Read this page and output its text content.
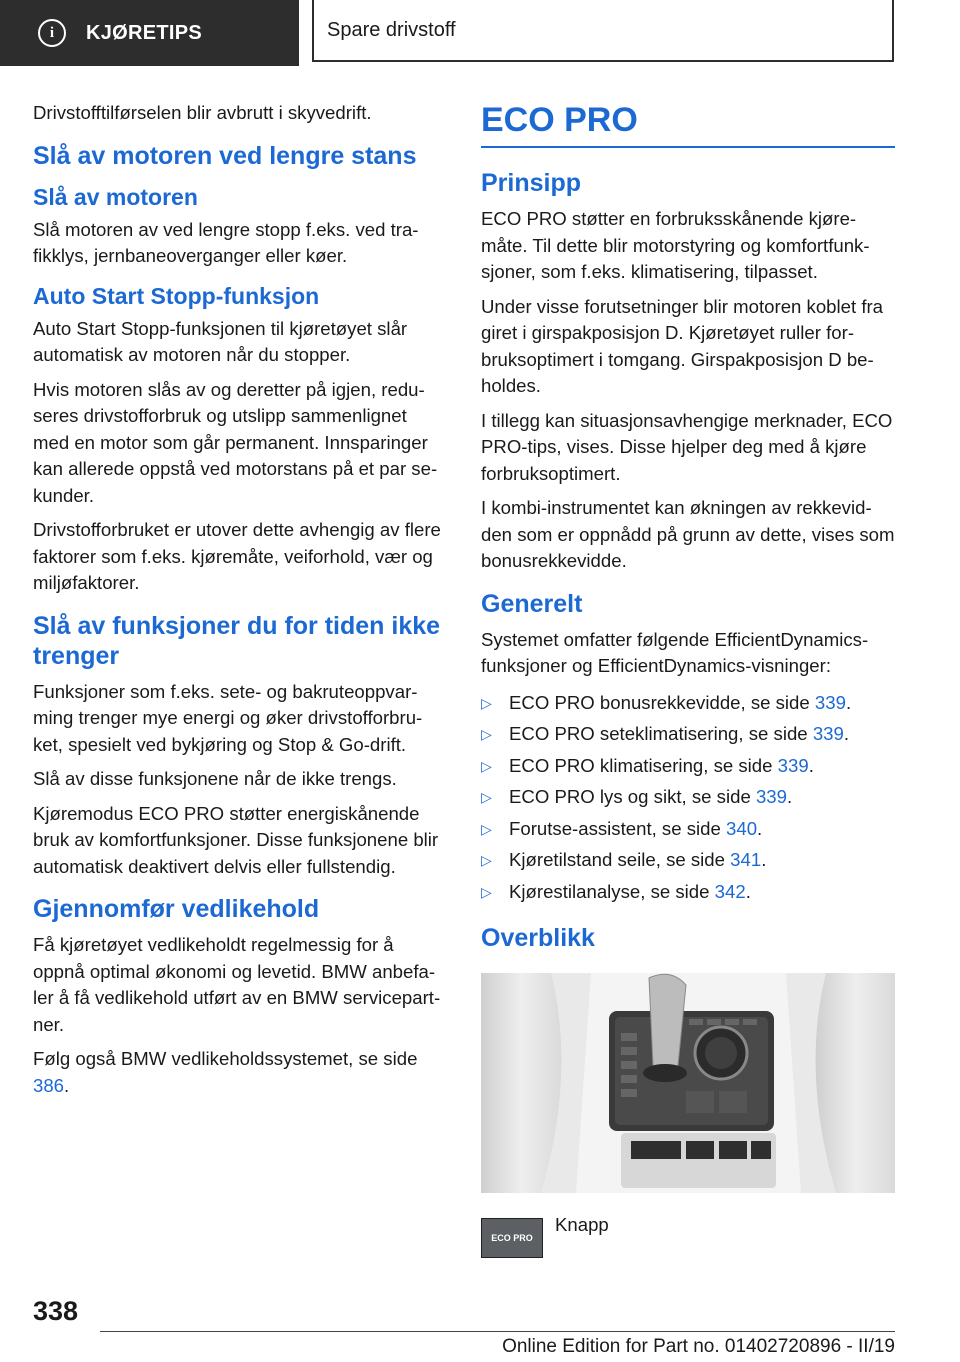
i	KJØRETIPS	Spare drivstoff

Drivstofftilførselen blir avbrutt i skyvedrift.

Slå av motoren ved lengre stans
Slå av motoren

Slå motoren av ved lengre stopp f.eks. ved tra-fikklys, jernbaneoverganger eller køer.

Auto Start Stopp-funksjon

Auto Start Stopp-funksjonen til kjøretøyet slår automatisk av motoren når du stopper.

Hvis motoren slås av og deretter på igjen, redu-seres drivstofforbruk og utslipp sammenlignet med en motor som går permanent. Innsparinger kan allerede oppstå ved motorstans på et par se-kunder.

Drivstofforbruket er utover dette avhengig av flere faktorer som f.eks. kjøremåte, veiforhold, vær og miljøfaktorer.

Slå av funksjoner du for tiden ikke trenger

Funksjoner som f.eks. sete- og bakruteoppvar-ming trenger mye energi og øker drivstofforbru-ket, spesielt ved bykjøring og Stop & Go-drift.

Slå av disse funksjonene når de ikke trengs.

Kjøremodus ECO PRO støtter energiskånende bruk av komfortfunksjoner. Disse funksjonene blir automatisk deaktivert delvis eller fullstendig.

Gjennomfør vedlikehold

Få kjøretøyet vedlikeholdt regelmessig for å oppnå optimal økonomi og levetid. BMW anbefa-ler å få vedlikehold utført av en BMW servicepart-ner.

Følg også BMW vedlikeholdssystemet, se side 386.

ECO PRO
Prinsipp

ECO PRO støtter en forbruksskånende kjøre-måte. Til dette blir motorstyring og komfortfunk-sjoner, som f.eks. klimatisering, tilpasset.

Under visse forutsetninger blir motoren koblet fra giret i girspakposisjon D. Kjøretøyet ruller for-bruksoptimert i tomgang. Girspakposisjon D be-holdes.

I tillegg kan situasjonsavhengige merknader, ECO PRO-tips, vises. Disse hjelper deg med å kjøre forbruksoptimert.

I kombi-instrumentet kan økningen av rekkevid-den som er oppnådd på grunn av dette, vises som bonusrekkevidde.

Generelt

Systemet omfatter følgende EfficientDynamics-funksjoner og EfficientDynamics-visninger:

▷ ECO PRO bonusrekkevidde, se side 339.
▷ ECO PRO seteklimatisering, se side 339.
▷ ECO PRO klimatisering, se side 339.
▷ ECO PRO lys og sikt, se side 339.
▷ Forutse-assistent, se side 340.
▷ Kjøretilstand seile, se side 341.
▷ Kjørestilanalyse, se side 342.
Overblikk
ECO PRO
Knapp
338
Online Edition for Part no. 01402720896 - II/19
